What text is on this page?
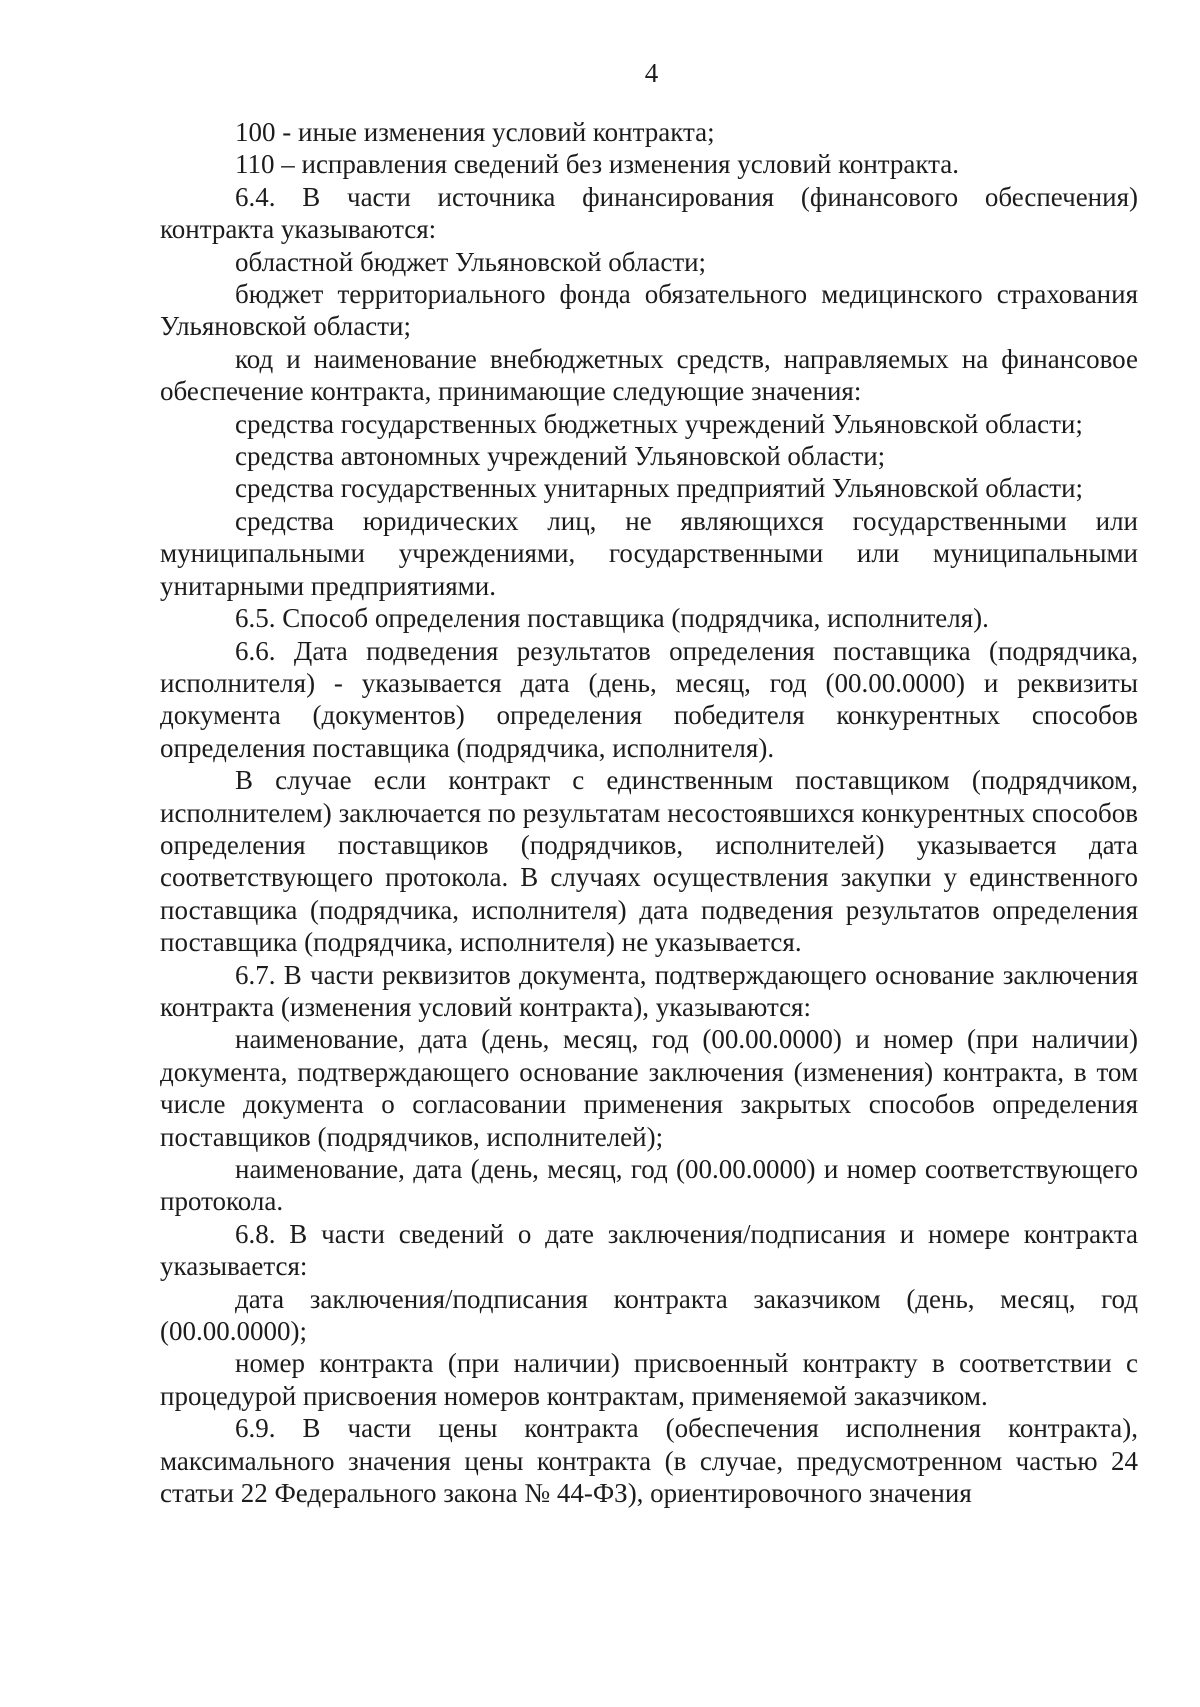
4

100 - иные изменения условий контракта;

110 – исправления сведений без изменения условий контракта.

6.4. В части источника финансирования (финансового обеспечения) контракта указываются:

областной бюджет Ульяновской области;

бюджет территориального фонда обязательного медицинского страхования Ульяновской области;

код и наименование внебюджетных средств, направляемых на финансовое обеспечение контракта, принимающие следующие значения:

средства государственных бюджетных учреждений Ульяновской области;

средства автономных учреждений Ульяновской области;

средства государственных унитарных предприятий Ульяновской области;

средства юридических лиц, не являющихся государственными или муниципальными учреждениями, государственными или муниципальными унитарными предприятиями.

6.5. Способ определения поставщика (подрядчика, исполнителя).

6.6. Дата подведения результатов определения поставщика (подрядчика, исполнителя) - указывается дата (день, месяц, год (00.00.0000) и реквизиты документа (документов) определения победителя конкурентных способов определения поставщика (подрядчика, исполнителя).

В случае если контракт с единственным поставщиком (подрядчиком, исполнителем) заключается по результатам несостоявшихся конкурентных способов определения поставщиков (подрядчиков, исполнителей) указывается дата соответствующего протокола. В случаях осуществления закупки у единственного поставщика (подрядчика, исполнителя) дата подведения результатов определения поставщика (подрядчика, исполнителя) не указывается.

6.7. В части реквизитов документа, подтверждающего основание заключения контракта (изменения условий контракта), указываются:

наименование, дата (день, месяц, год (00.00.0000) и номер (при наличии) документа, подтверждающего основание заключения (изменения) контракта, в том числе документа о согласовании применения закрытых способов определения поставщиков (подрядчиков, исполнителей);

наименование, дата (день, месяц, год (00.00.0000) и номер соответствующего протокола.

6.8. В части сведений о дате заключения/подписания и номере контракта указывается:

дата заключения/подписания контракта заказчиком (день, месяц, год (00.00.0000);

номер контракта (при наличии) присвоенный контракту в соответствии с процедурой присвоения номеров контрактам, применяемой заказчиком.

6.9. В части цены контракта (обеспечения исполнения контракта), максимального значения цены контракта (в случае, предусмотренном частью 24 статьи 22 Федерального закона № 44-ФЗ), ориентировочного значения
